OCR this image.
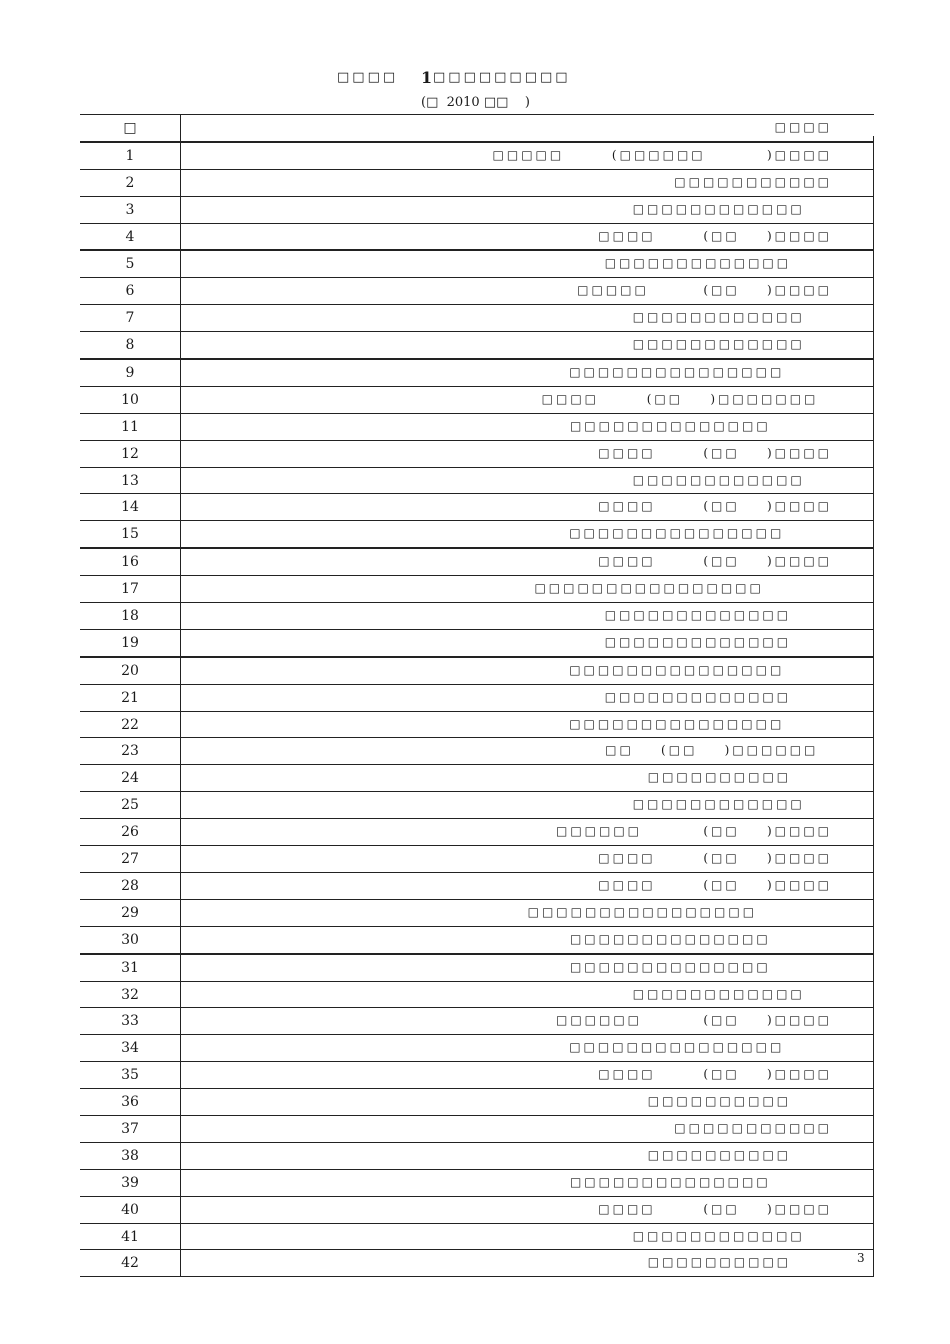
□□□□ 1 □□□□□□□□□
(□  2010 □□    )
□	□□□□
1	□□□□□       (□□□□□□         )□□□□
2	□□□□□□□□□□□
3	□□□□□□□□□□□□
4	□□□□       (□□    )□□□□
5	□□□□□□□□□□□□□
6	□□□□□        (□□    )□□□□
7	□□□□□□□□□□□□
8	□□□□□□□□□□□□
9	□□□□□□□□□□□□□□□
10	□□□□       (□□    )□□□□□□□
11	□□□□□□□□□□□□□□
12	□□□□       (□□    )□□□□
13	□□□□□□□□□□□□
14	□□□□       (□□    )□□□□
15	□□□□□□□□□□□□□□□
16	□□□□       (□□    )□□□□
17	□□□□□□□□□□□□□□□□
18	□□□□□□□□□□□□□
19	□□□□□□□□□□□□□
20	□□□□□□□□□□□□□□□
21	□□□□□□□□□□□□□
22	□□□□□□□□□□□□□□□
23	□□    (□□    )□□□□□□
24	□□□□□□□□□□
25	□□□□□□□□□□□□
26	□□□□□□         (□□    )□□□□
27	□□□□       (□□    )□□□□
28	□□□□       (□□    )□□□□
29	□□□□□□□□□□□□□□□□
30	□□□□□□□□□□□□□□
31	□□□□□□□□□□□□□□
32	□□□□□□□□□□□□
33	□□□□□□         (□□    )□□□□
34	□□□□□□□□□□□□□□□
35	□□□□       (□□    )□□□□
36	□□□□□□□□□□
37	□□□□□□□□□□□
38	□□□□□□□□□□
39	□□□□□□□□□□□□□□
40	□□□□       (□□    )□□□□
41	□□□□□□□□□□□□
42	□□□□□□□□□□ 3
